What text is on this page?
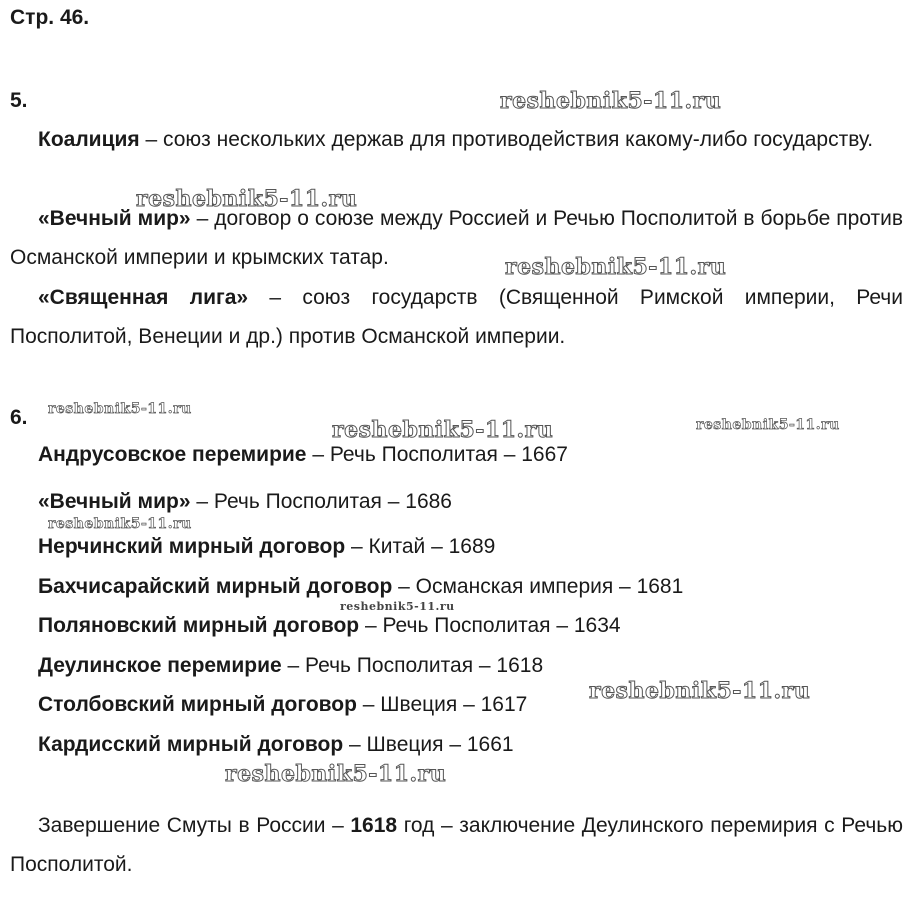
Стр. 46.
5.
Коалиция – союз нескольких держав для противодействия какому-либо государству.
«Вечный мир» – договор о союзе между Россией и Речью Посполитой в борьбе против Османской империи и крымских татар.
«Священная лига» – союз государств (Священной Римской империи, Речи Посполитой, Венеции и др.) против Османской империи.
6.
Андрусовское перемирие – Речь Посполитая – 1667
«Вечный мир» – Речь Посполитая – 1686
Нерчинский мирный договор – Китай – 1689
Бахчисарайский мирный договор – Османская империя – 1681
Поляновский мирный договор – Речь Посполитая – 1634
Деулинское перемирие – Речь Посполитая – 1618
Столбовский мирный договор – Швеция – 1617
Кардисский мирный договор – Швеция – 1661
Завершение Смуты в России – 1618 год – заключение Деулинского перемирия с Речью Посполитой.
reshebnik5-11.ru
reshebnik5-11.ru
reshebnik5-11.ru
reshebnik5-11.ru
reshebnik5-11.ru	reshebnik5-11.ru
reshebnik5-11.ru
reshebnik5-11.ru
reshebnik5-11.ru
reshebnik5-11.ru
